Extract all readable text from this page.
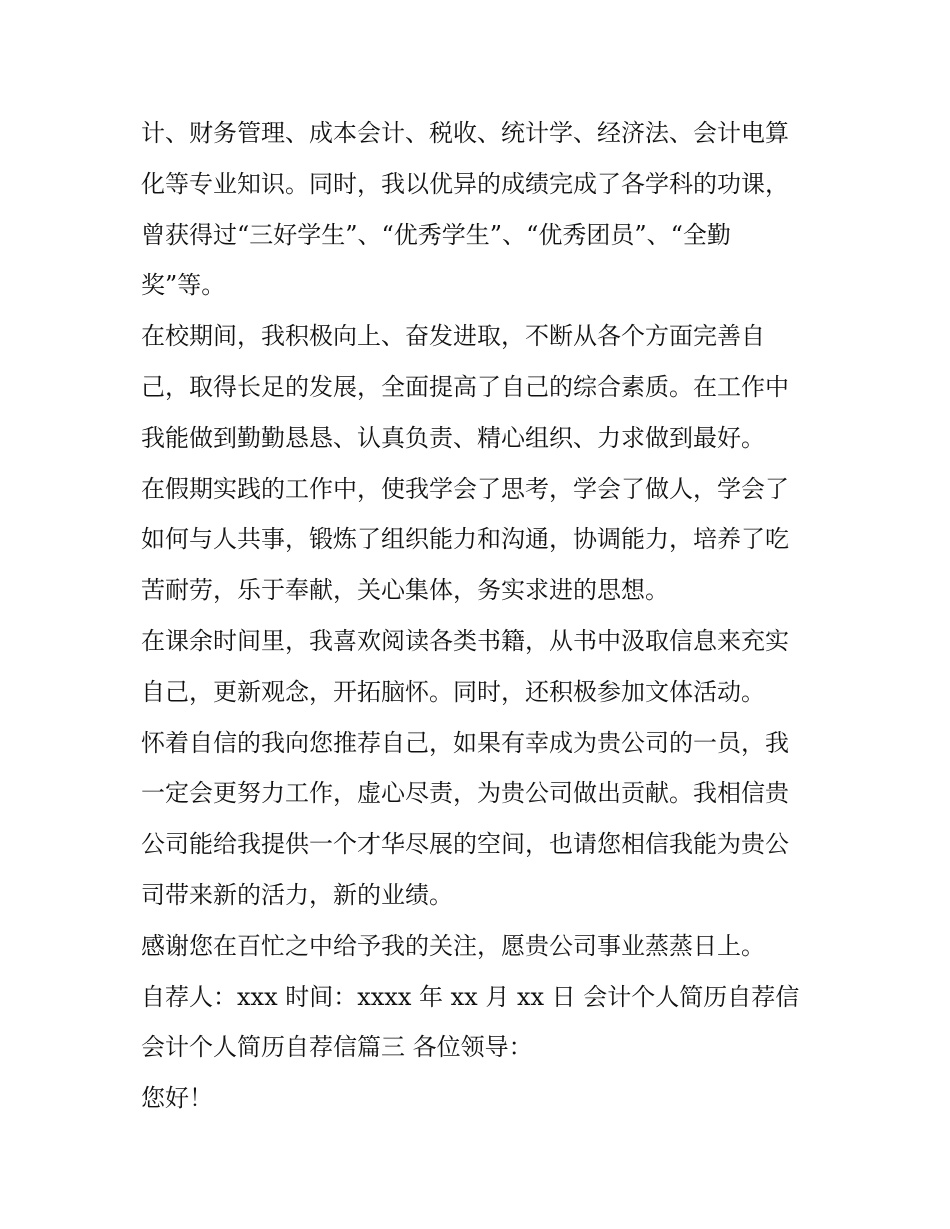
计、财务管理、成本会计、税收、统计学、经济法、会计电算
化等专业知识。同时，我以优异的成绩完成了各学科的功课，
曾获得过“三好学生”、“优秀学生”、“优秀团员”、“全勤
奖”等。
在校期间，我积极向上、奋发进取，不断从各个方面完善自
己，取得长足的发展，全面提高了自己的综合素质。在工作中
我能做到勤勤恳恳、认真负责、精心组织、力求做到最好。
在假期实践的工作中，使我学会了思考，学会了做人，学会了
如何与人共事，锻炼了组织能力和沟通，协调能力，培养了吃
苦耐劳，乐于奉献，关心集体，务实求进的思想。
在课余时间里，我喜欢阅读各类书籍，从书中汲取信息来充实
自己，更新观念，开拓脑怀。同时，还积极参加文体活动。
怀着自信的我向您推荐自己，如果有幸成为贵公司的一员，我
一定会更努力工作，虚心尽责，为贵公司做出贡献。我相信贵
公司能给我提供一个才华尽展的空间，也请您相信我能为贵公
司带来新的活力，新的业绩。
感谢您在百忙之中给予我的关注，愿贵公司事业蒸蒸日上。
自荐人：xxx 时间：xxxx 年 xx 月 xx 日 会计个人简历自荐信
会计个人简历自荐信篇三 各位领导：
您好！
